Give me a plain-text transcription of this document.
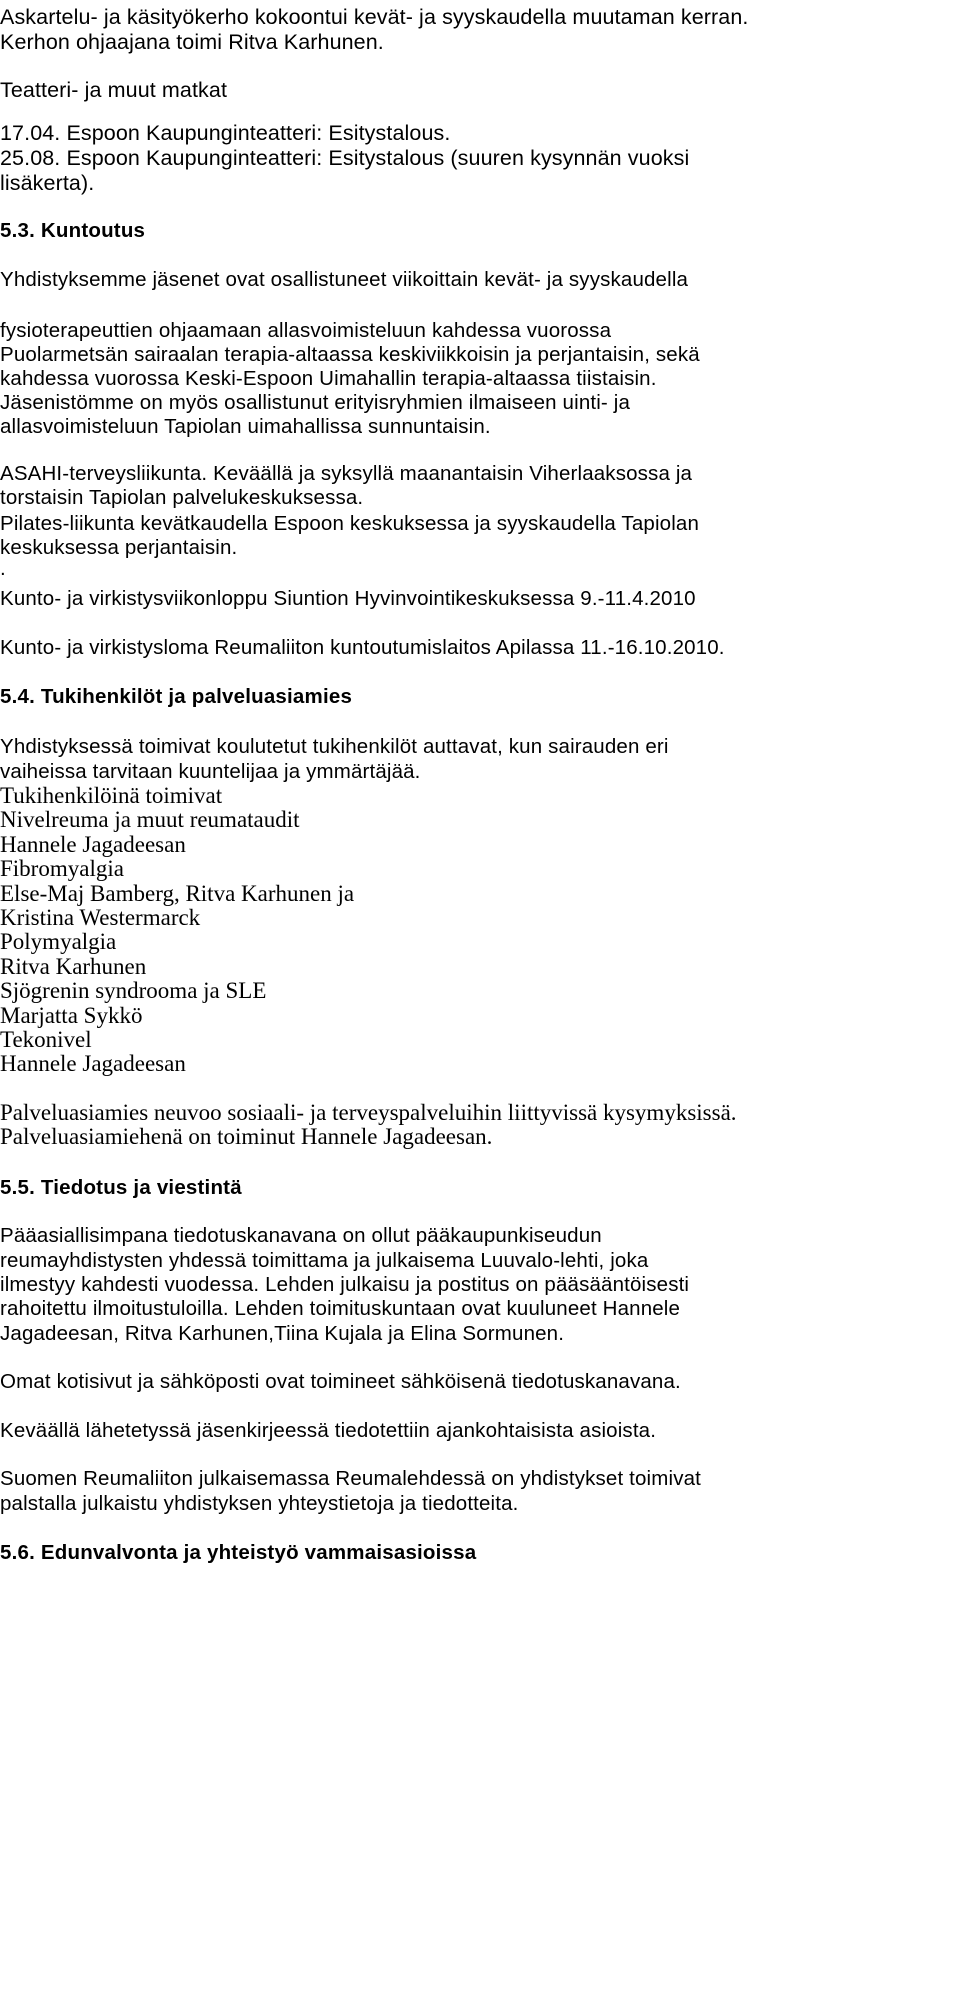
Askartelu- ja käsityökerho kokoontui kevät- ja syyskaudella muutaman kerran.
Kerhon ohjaajana toimi Ritva Karhunen.
Teatteri- ja muut matkat
17.04. Espoon Kaupunginteatteri: Esitystalous.
25.08. Espoon Kaupunginteatteri: Esitystalous (suuren kysynnän vuoksi
lisäkerta).
5.3. Kuntoutus
Yhdistyksemme jäsenet ovat osallistuneet viikoittain kevät- ja syyskaudella
fysioterapeuttien ohjaamaan allasvoimisteluun kahdessa vuorossa
Puolarmetsän sairaalan terapia-altaassa keskiviikkoisin ja perjantaisin, sekä
kahdessa vuorossa Keski-Espoon Uimahallin terapia-altaassa tiistaisin.
Jäsenistömme on myös osallistunut erityisryhmien ilmaiseen uinti- ja
allasvoimisteluun Tapiolan uimahallissa sunnuntaisin.
ASAHI-terveysliikunta. Keväällä ja syksyllä maanantaisin Viherlaaksossa ja
torstaisin Tapiolan palvelukeskuksessa.
Pilates-liikunta kevätkaudella Espoon keskuksessa ja syyskaudella Tapiolan
keskuksessa perjantaisin.
.
Kunto- ja virkistysviikonloppu Siuntion Hyvinvointikeskuksessa 9.-11.4.2010
Kunto- ja virkistysloma Reumaliiton kuntoutumislaitos Apilassa 11.-16.10.2010.
5.4. Tukihenkilöt ja palveluasiamies
Yhdistyksessä toimivat koulutetut tukihenkilöt auttavat, kun sairauden eri
vaiheissa tarvitaan kuuntelijaa ja ymmärtäjää.
Tukihenkilöinä toimivat
Nivelreuma ja muut reumataudit
Hannele Jagadeesan
Fibromyalgia
Else-Maj Bamberg, Ritva Karhunen ja
Kristina Westermarck
Polymyalgia
Ritva Karhunen
Sjögrenin syndrooma ja SLE
Marjatta Sykkö
Tekonivel
Hannele Jagadeesan
Palveluasiamies neuvoo sosiaali- ja terveyspalveluihin liittyvissä kysymyksissä.
Palveluasiamiehenä on toiminut Hannele Jagadeesan.
5.5. Tiedotus ja viestintä
Pääasiallisimpana tiedotuskanavana on ollut pääkaupunkiseudun
reumayhdistysten yhdessä toimittama ja julkaisema Luuvalo-lehti, joka
ilmestyy kahdesti vuodessa. Lehden julkaisu ja postitus on pääsääntöisesti
rahoitettu ilmoitustuloilla. Lehden toimituskuntaan ovat kuuluneet Hannele
Jagadeesan, Ritva Karhunen,Tiina Kujala ja Elina Sormunen.
Omat kotisivut ja sähköposti ovat toimineet sähköisenä tiedotuskanavana.
Keväällä lähetetyssä jäsenkirjeessä tiedotettiin ajankohtaisista asioista.
Suomen Reumaliiton julkaisemassa Reumalehdessä on yhdistykset toimivat
palstalla julkaistu yhdistyksen yhteystietoja ja tiedotteita.
5.6. Edunvalvonta ja yhteistyö vammaisasioissa
